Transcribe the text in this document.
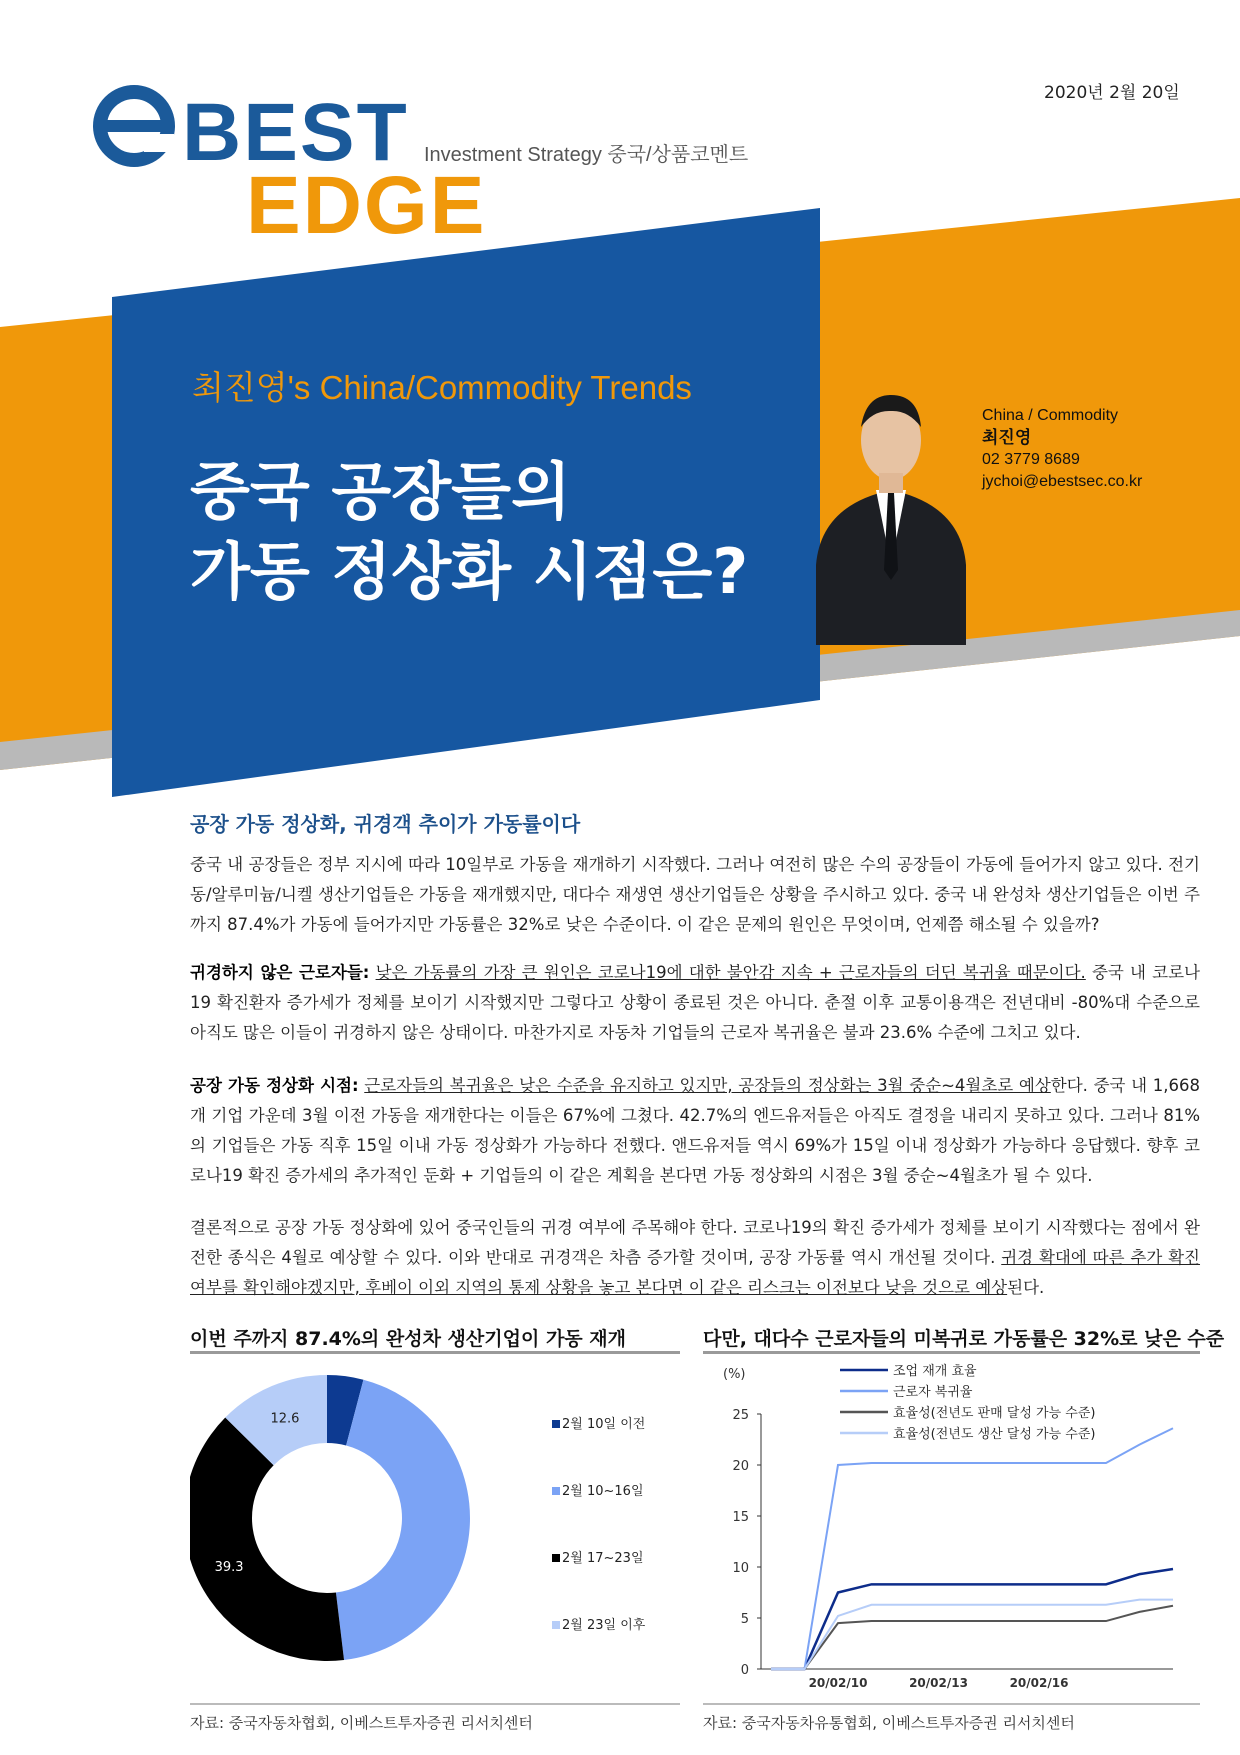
2020년 2월 20일
BEST
EDGE
Investment Strategy 중국/상품코멘트
최진영's China/Commodity Trends
중국 공장들의
가동 정상화 시점은?
China / Commodity
최진영
02 3779 8689
jychoi@ebestsec.co.kr
공장 가동 정상화, 귀경객 추이가 가동률이다
중국 내 공장들은 정부 지시에 따라 10일부로 가동을 재개하기 시작했다. 그러나 여전히 많은 수의 공장들이 가동에 들어가지 않고 있다. 전기동/알루미늄/니켈 생산기업들은 가동을 재개했지만, 대다수 재생연 생산기업들은 상황을 주시하고 있다. 중국 내 완성차 생산기업들은 이번 주까지 87.4%가 가동에 들어가지만 가동률은 32%로 낮은 수준이다. 이 같은 문제의 원인은 무엇이며, 언제쯤 해소될 수 있을까?
귀경하지 않은 근로자들: 낮은 가동률의 가장 큰 원인은 코로나19에 대한 불안감 지속 + 근로자들의 더딘 복귀율 때문이다. 중국 내 코로나19 확진환자 증가세가 정체를 보이기 시작했지만 그렇다고 상황이 종료된 것은 아니다. 춘절 이후 교통이용객은 전년대비 -80%대 수준으로 아직도 많은 이들이 귀경하지 않은 상태이다. 마찬가지로 자동차 기업들의 근로자 복귀율은 불과 23.6% 수준에 그치고 있다.
공장 가동 정상화 시점: 근로자들의 복귀율은 낮은 수준을 유지하고 있지만, 공장들의 정상화는 3월 중순~4월초로 예상한다. 중국 내 1,668개 기업 가운데 3월 이전 가동을 재개한다는 이들은 67%에 그쳤다. 42.7%의 엔드유저들은 아직도 결정을 내리지 못하고 있다. 그러나 81%의 기업들은 가동 직후 15일 이내 가동 정상화가 가능하다 전했다. 앤드유저들 역시 69%가 15일 이내 정상화가 가능하다 응답했다. 향후 코로나19 확진 증가세의 추가적인 둔화 + 기업들의 이 같은 계획을 본다면 가동 정상화의 시점은 3월 중순~4월초가 될 수 있다.
결론적으로 공장 가동 정상화에 있어 중국인들의 귀경 여부에 주목해야 한다. 코로나19의 확진 증가세가 정체를 보이기 시작했다는 점에서 완전한 종식은 4월로 예상할 수 있다. 이와 반대로 귀경객은 차츰 증가할 것이며, 공장 가동률 역시 개선될 것이다. 귀경 확대에 따른 추가 확진 여부를 확인해야겠지만, 후베이 이외 지역의 통제 상황을 놓고 본다면 이 같은 리스크는 이전보다 낮을 것으로 예상된다.
이번 주까지 87.4%의 완성차 생산기업이 가동 재개
39.3
12.6	2월 10일 이전
2월 10~16일
2월 17~23일
2월 23일 이후
자료: 중국자동차협회, 이베스트투자증권 리서치센터
다만, 대다수 근로자들의 미복귀로 가동률은 32%로 낮은 수준
(%)
0
5
10
15
20
25
20/02/10	20/02/13	20/02/16
조업 재개 효율
근로자 복귀율
효율성(전년도 판매 달성 가능 수준)
효율성(전년도 생산 달성 가능 수준)
자료: 중국자동차유통협회, 이베스트투자증권 리서치센터
